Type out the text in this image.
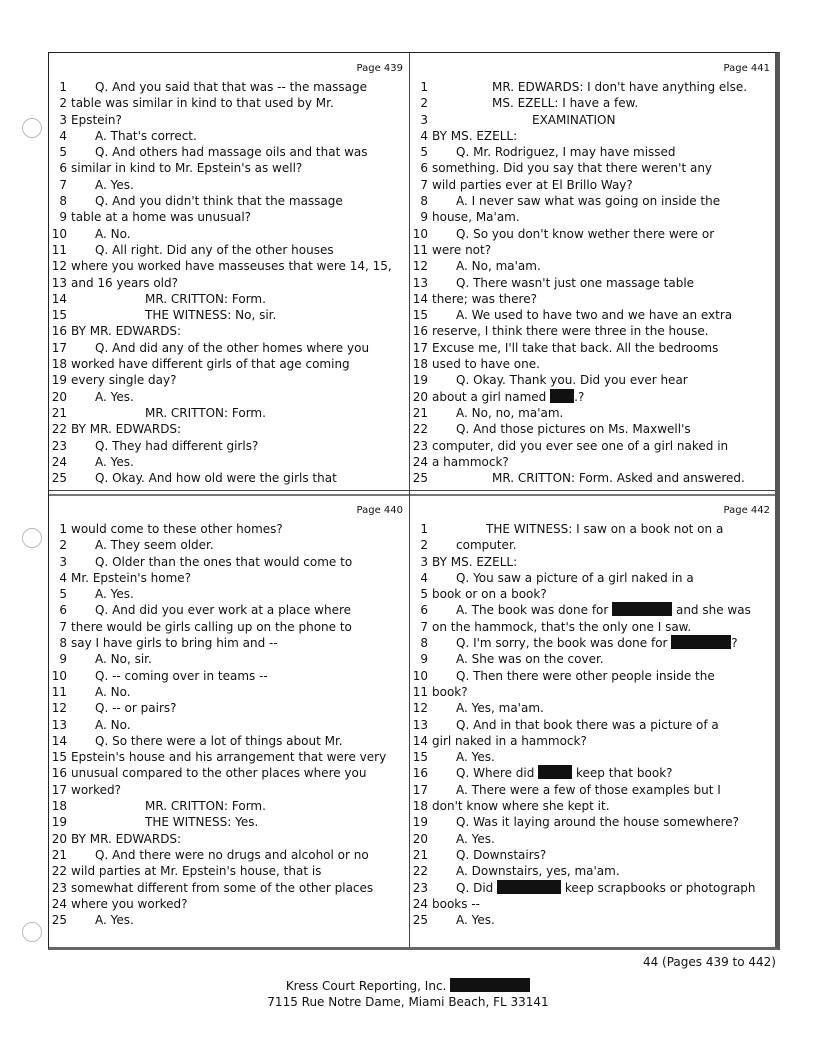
Page 439
1 Q. And you said that that was -- the massage
2 table was similar in kind to that used by Mr.
3 Epstein?
4 A. That's correct.
5 Q. And others had massage oils and that was
6 similar in kind to Mr. Epstein's as well?
7 A. Yes.
8 Q. And you didn't think that the massage
9 table at a home was unusual?
10 A. No.
11 Q. All right. Did any of the other houses
12 where you worked have masseuses that were 14, 15,
13 and 16 years old?
14	MR. CRITTON: Form.
15	THE WITNESS: No, sir.
16 BY MR. EDWARDS:
17 Q. And did any of the other homes where you
18 worked have different girls of that age coming
19 every single day?
20 A. Yes.
21	MR. CRITTON: Form.
22 BY MR. EDWARDS:
23 Q. They had different girls?
24 A. Yes.
25 Q. Okay. And how old were the girls that
Page 441
1	MR. EDWARDS: I don't have anything else.
2	MS. EZELL: I have a few.
3	EXAMINATION
4 BY MS. EZELL:
5 Q. Mr. Rodriguez, I may have missed
6 something. Did you say that there weren't any
7 wild parties ever at El Brillo Way?
8 A. I never saw what was going on inside the
9 house, Ma'am.
10 Q. So you don't know wether there were or
11 were not?
12 A. No, ma'am.
13 Q. There wasn't just one massage table
14 there; was there?
15 A. We used to have two and we have an extra
16 reserve, I think there were three in the house.
17 Excuse me, I'll take that back. All the bedrooms
18 used to have one.
19 Q. Okay. Thank you. Did you ever hear
20 about a girl named .?
21 A. No, no, ma'am.
22 Q. And those pictures on Ms. Maxwell's
23 computer, did you ever see one of a girl naked in
24 a hammock?
25	MR. CRITTON: Form. Asked and answered.
Page 440
1 would come to these other homes?
2 A. They seem older.
3 Q. Older than the ones that would come to
4 Mr. Epstein's home?
5 A. Yes.
6 Q. And did you ever work at a place where
7 there would be girls calling up on the phone to
8 say I have girls to bring him and --
9 A. No, sir.
10 Q. -- coming over in teams --
11 A. No.
12 Q. -- or pairs?
13 A. No.
14 Q. So there were a lot of things about Mr.
15 Epstein's house and his arrangement that were very
16 unusual compared to the other places where you
17 worked?
18	MR. CRITTON: Form.
19	THE WITNESS: Yes.
20 BY MR. EDWARDS:
21 Q. And there were no drugs and alcohol or no
22 wild parties at Mr. Epstein's house, that is
23 somewhat different from some of the other places
24 where you worked?
25 A. Yes.
Page 442
1	THE WITNESS: I saw on a book not on a
2 computer.
3 BY MS. EZELL:
4 Q. You saw a picture of a girl naked in a
5 book or on a book?
6 A. The book was done for	and she was
7 on the hammock, that's the only one I saw.
8 Q. I'm sorry, the book was done for	?
9 A. She was on the cover.
10 Q. Then there were other people inside the
11 book?
12 A. Yes, ma'am.
13 Q. And in that book there was a picture of a
14 girl naked in a hammock?
15 A. Yes.
16 Q. Where did	keep that book?
17 A. There were a few of those examples but I
18 don't know where she kept it.
19 Q. Was it laying around the house somewhere?
20 A. Yes.
21 Q. Downstairs?
22 A. Downstairs, yes, ma'am.
23 Q. Did	keep scrapbooks or photograph
24 books --
25 A. Yes.
44 (Pages 439 to 442)
Kress Court Reporting, Inc.
7115 Rue Notre Dame, Miami Beach, FL 33141
